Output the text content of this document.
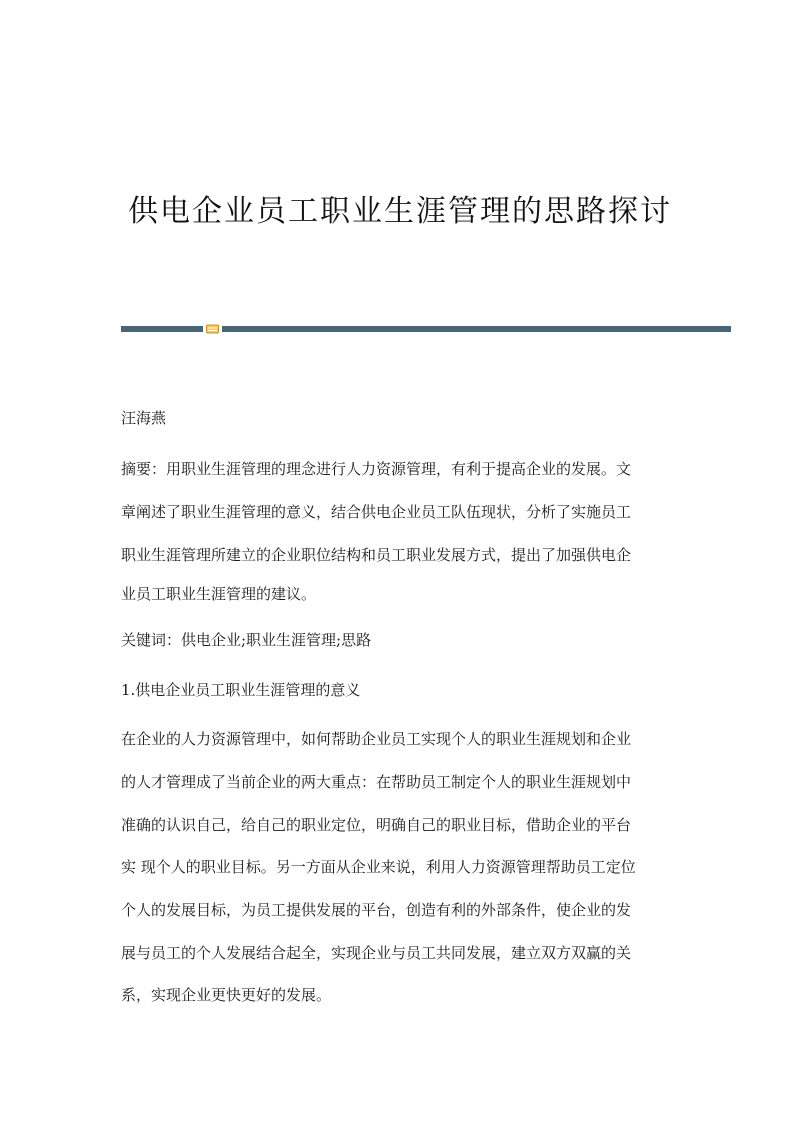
供电企业员工职业生涯管理的思路探讨

汪海燕

摘要：用职业生涯管理的理念进行人力资源管理，有利于提高企业的发展。文
章阐述了职业生涯管理的意义，结合供电企业员工队伍现状，分析了实施员工
职业生涯管理所建立的企业职位结构和员工职业发展方式，提出了加强供电企
业员工职业生涯管理的建议。

关键词：供电企业;职业生涯管理;思路

1.供电企业员工职业生涯管理的意义

在企业的人力资源管理中，如何帮助企业员工实现个人的职业生涯规划和企业
的人才管理成了当前企业的两大重点：在帮助员工制定个人的职业生涯规划中
准确的认识自己，给自己的职业定位，明确自己的职业目标，借助企业的平台
实 现个人的职业目标。另一方面从企业来说，利用人力资源管理帮助员工定位
个人的发展目标，为员工提供发展的平台，创造有利的外部条件，使企业的发
展与员工的个人发展结合起全，实现企业与员工共同发展，建立双方双赢的关
系，实现企业更快更好的发展。
